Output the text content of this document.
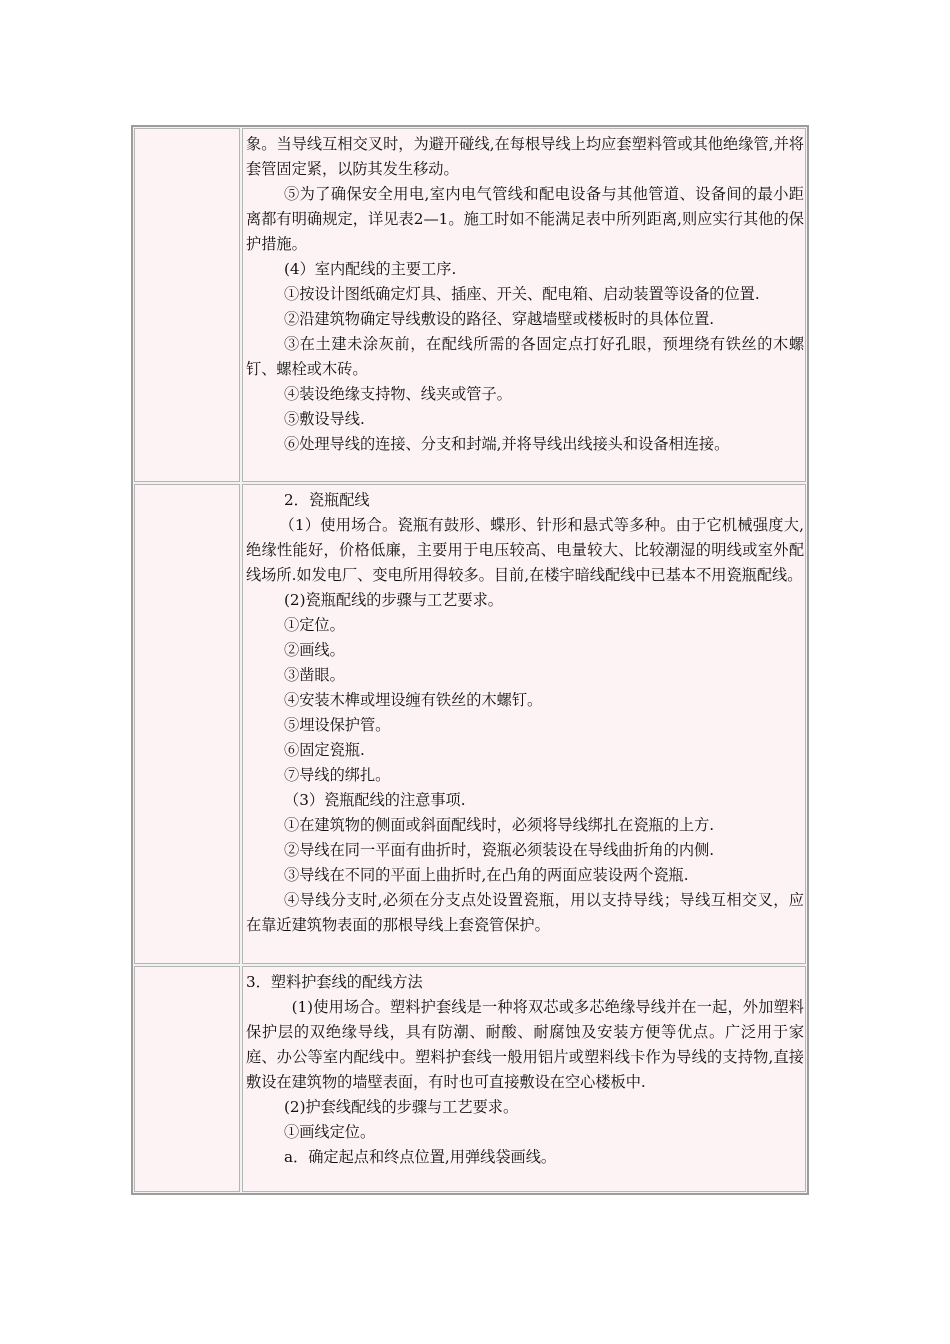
象。当导线互相交叉时，为避开碰线,在每根导线上均应套塑料管或其他绝缘管,并将套管固定紧，以防其发生移动。

⑤为了确保安全用电,室内电气管线和配电设备与其他管道、设备间的最小距离都有明确规定，详见表2—1。施工时如不能满足表中所列距离,则应实行其他的保护措施。

(4）室内配线的主要工序.

①按设计图纸确定灯具、插座、开关、配电箱、启动装置等设备的位置.

②沿建筑物确定导线敷设的路径、穿越墙壁或楼板时的具体位置.

③在土建未涂灰前，在配线所需的各固定点打好孔眼，预埋绕有铁丝的木螺钉、螺栓或木砖。

④装设绝缘支持物、线夹或管子。

⑤敷设导线.

⑥处理导线的连接、分支和封端,并将导线出线接头和设备相连接。

2．瓷瓶配线

（1）使用场合。瓷瓶有鼓形、蝶形、针形和悬式等多种。由于它机械强度大,绝缘性能好，价格低廉，主要用于电压较高、电量较大、比较潮湿的明线或室外配线场所.如发电厂、变电所用得较多。目前,在楼宇暗线配线中已基本不用瓷瓶配线。

(2)瓷瓶配线的步骤与工艺要求。

①定位。

②画线。

③凿眼。

④安装木榫或埋设缠有铁丝的木螺钉。

⑤埋设保护管。

⑥固定瓷瓶.

⑦导线的绑扎。

（3）瓷瓶配线的注意事项.

①在建筑物的侧面或斜面配线时，必须将导线绑扎在瓷瓶的上方.

②导线在同一平面有曲折时，瓷瓶必须装设在导线曲折角的内侧.

③导线在不同的平面上曲折时,在凸角的两面应装设两个瓷瓶.

④导线分支时,必须在分支点处设置瓷瓶，用以支持导线；导线互相交叉，应在靠近建筑物表面的那根导线上套瓷管保护。

3．塑料护套线的配线方法

(1)使用场合。塑料护套线是一种将双芯或多芯绝缘导线并在一起，外加塑料保护层的双绝缘导线，具有防潮、耐酸、耐腐蚀及安装方便等优点。广泛用于家庭、办公等室内配线中。塑料护套线一般用铝片或塑料线卡作为导线的支持物,直接敷设在建筑物的墙壁表面，有时也可直接敷设在空心楼板中.

(2)护套线配线的步骤与工艺要求。

①画线定位。

a．确定起点和终点位置,用弹线袋画线。
